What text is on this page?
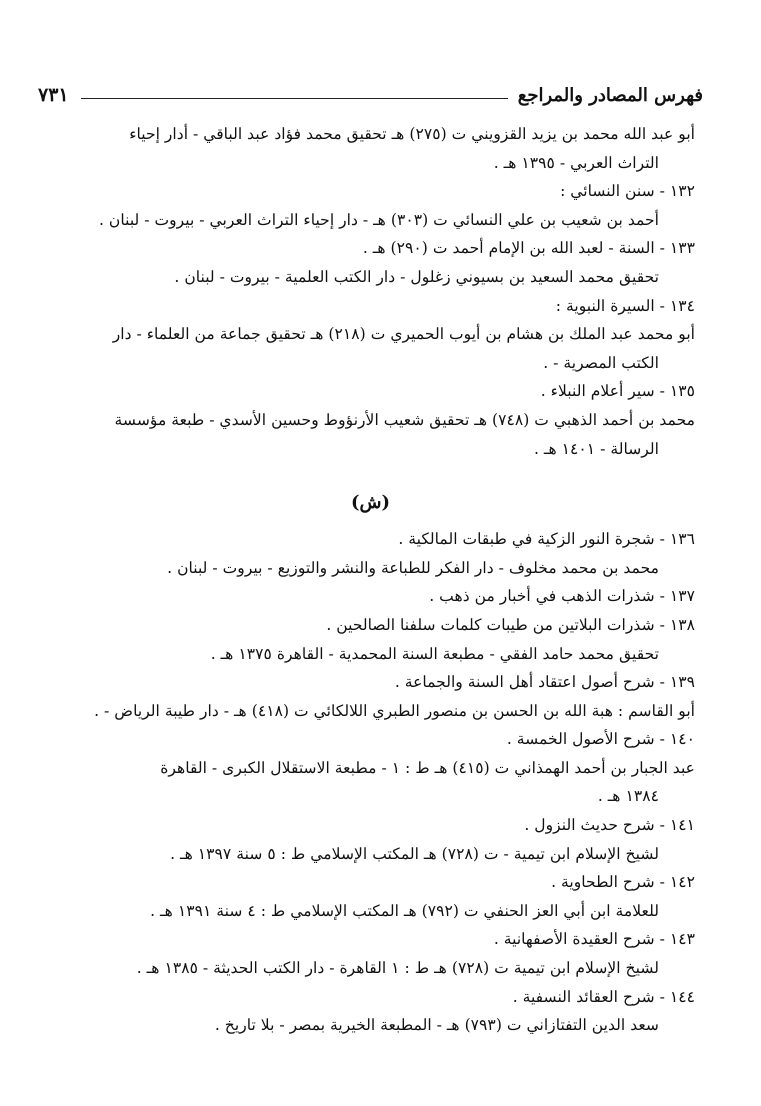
فهرس المصادر والمراجع
٧٣١
أبو عبد الله محمد بن يزيد القزويني ت (٢٧٥) هـ تحقيق محمد فؤاد عبد الباقي - أدار إحياء
التراث العربي - ١٣٩٥ هـ .
١٣٢ - سنن النسائي :
أحمد بن شعيب بن علي النسائي ت (٣٠٣) هـ - دار إحياء التراث العربي - بيروت - لبنان .
١٣٣ - السنة - لعبد الله بن الإمام أحمد ت (٢٩٠) هـ .
تحقيق محمد السعيد بن بسيوني زغلول - دار الكتب العلمية - بيروت - لبنان .
١٣٤ - السيرة النبوية :
أبو محمد عبد الملك بن هشام بن أيوب الحميري ت (٢١٨) هـ تحقيق جماعة من العلماء - دار
الكتب المصرية - .
١٣٥ - سير أعلام النبلاء .
محمد بن أحمد الذهبي ت (٧٤٨) هـ تحقيق شعيب الأرنؤوط وحسين الأسدي - طبعة مؤسسة
الرسالة - ١٤٠١ هـ .
(ش)
١٣٦ - شجرة النور الزكية في طبقات المالكية .
محمد بن محمد مخلوف - دار الفكر للطباعة والنشر والتوزيع - بيروت - لبنان .
١٣٧ - شذرات الذهب في أخبار من ذهب .
١٣٨ - شذرات البلاتين من طيبات كلمات سلفنا الصالحين .
تحقيق محمد حامد الفقي - مطبعة السنة المحمدية - القاهرة ١٣٧٥ هـ .
١٣٩ - شرح أصول اعتقاد أهل السنة والجماعة .
أبو القاسم : هبة الله بن الحسن بن منصور الطبري اللالكائي ت (٤١٨) هـ - دار طيبة الرياض - .
١٤٠ - شرح الأصول الخمسة .
عبد الجبار بن أحمد الهمذاني ت (٤١٥) هـ ط : ١ - مطبعة الاستقلال الكبرى - القاهرة
١٣٨٤ هـ .
١٤١ - شرح حديث النزول .
لشيخ الإسلام ابن تيمية - ت (٧٢٨) هـ المكتب الإسلامي ط : ٥ سنة ١٣٩٧ هـ .
١٤٢ - شرح الطحاوية .
للعلامة ابن أبي العز الحنفي ت (٧٩٢) هـ المكتب الإسلامي ط : ٤ سنة ١٣٩١ هـ .
١٤٣ - شرح العقيدة الأصفهانية .
لشيخ الإسلام ابن تيمية ت (٧٢٨) هـ ط : ١ القاهرة - دار الكتب الحديثة - ١٣٨٥ هـ .
١٤٤ - شرح العقائد النسفية .
سعد الدين التفتازاني ت (٧٩٣) هـ - المطبعة الخيرية بمصر - بلا تاريخ .
